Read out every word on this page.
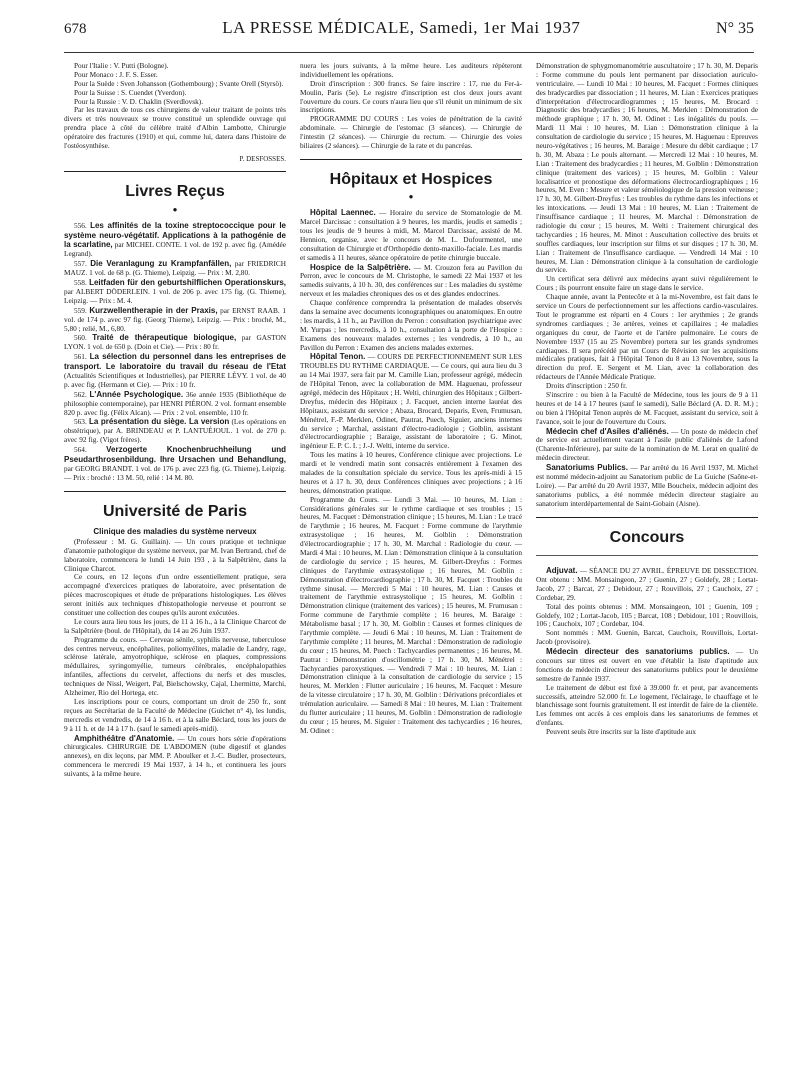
678	LA PRESSE MÉDICALE, Samedi, 1er Mai 1937	N° 35

Pour l'Italie : V. Putti (Bologne).

Pour Monaco : J. F. S. Esser.

Pour la Suède : Sven Johansson (Gothembourg) ; Svante Orell (Styrsö).

Pour la Suisse : S. Cuendet (Yverdon).

Pour la Russie : V. D. Chaklin (Sverdlovsk).

Par les travaux de tous ces chirurgiens de valeur traitant de points très divers et très nouveaux se trouve constitué un splendide ouvrage qui prendra place à côté du célèbre traité d'Albin Lambotte, Chirurgie opératoire des fractures (1910) et qui, comme lui, datera dans l'histoire de l'ostéosynthèse.

P. DESFOSSES.
Livres Reçus
●

556. Les affinités de la toxine streptococcique pour le système neuro-végétatif. Applications à la pathogénie de la scarlatine, par MICHEL CONTE. 1 vol. de 192 p. avec fig. (Amédée Legrand).

557. Die Veranlagung zu Krampfanfällen, par FRIEDRICH MAUZ. 1 vol. de 68 p. (G. Thieme), Leipzig. — Prix : M. 2,80.

558. Leitfaden für den geburtshilflichen Operationskurs, par ALBERT DÖDERLEIN. 1 vol. de 206 p. avec 175 fig. (G. Thieme), Leipzig. — Prix : M. 4.

559. Kurzwellentherapie in der Praxis, par ERNST RAAB. 1 vol. de 174 p. avec 97 fig. (Georg Thieme), Leipzig. — Prix : broché, M., 5,80 ; relié, M., 6,80.

560. Traité de thérapeutique biologique, par GASTON LYON. 1 vol. de 650 p. (Doin et Cie). — Prix : 80 fr.

561. La sélection du personnel dans les entreprises de transport. Le laboratoire du travail du réseau de l'Etat (Actualités Scientifiques et Industrielles), par PIERRE LÉVY. 1 vol. de 40 p. avec fig. (Hermann et Cie). — Prix : 10 fr.

562. L'Année Psychologique. 36e année 1935 (Bibliothèque de philosophie contemporaine), par HENRI PIÉRON. 2 vol. formant ensemble 820 p. avec fig. (Félix Alcan). — Prix : 2 vol. ensemble, 110 fr.

563. La présentation du siège. La version (Les opérations en obstétrique), par A. BRINDEAU et P. LANTUÉJOUL. 1 vol. de 270 p. avec 92 fig. (Vigot frères).

564. Verzogerte Knochenbruchheilung und Pseudarthrosenbildung. Ihre Ursachen und Behandlung, par GEORG BRANDT. 1 vol. de 176 p. avec 223 fig. (G. Thieme), Leipzig. — Prix : broché : 13 M. 50, relié : 14 M. 80.

Université de Paris
Clinique des maladies du système nerveux

(Professeur : M. G. Guillain). — Un cours pratique et technique d'anatomie pathologique du système nerveux, par M. Ivan Bertrand, chef de laboratoire, commencera le lundi 14 Juin 193 , à la Salpêtrière, dans la Clinique Charcot.

Ce cours, en 12 leçons d'un ordre essentiellement pratique, sera accompagné d'exercices pratiques de laboratoire, avec présentation de pièces macroscopiques et étude de préparations histologiques. Les élèves seront initiés aux techniques d'histopathologie nerveuse et pourront se constituer une collection des coupes qu'ils auront exécutées.

Le cours aura lieu tous les jours, de 11 à 16 h., à la Clinique Charcot de la Salpêtrière (boul. de l'Hôpital), du 14 au 26 Juin 1937.

Programme du cours. — Cerveau sénile, syphilis nerveuse, tuberculose des centres nerveux, encéphalites, poliomyélites, maladie de Landry, rage, sclérose latérale, amyotrophique, sclérose en plaques, compressions médullaires, syringomyélie, tumeurs cérébrales, encéphalopathies infantiles, affections du cervelet, affections du nerfs et des muscles, techniques de Nissl, Weigert, Pal, Bielschowsky, Cajal, Lhermitte, Marchi, Alzheimer, Rio del Hortega, etc.

Les inscriptions pour ce cours, comportant un droit de 250 fr., sont reçues au Secrétariat de la Faculté de Médecine (Guichet n° 4), les lundis, mercredis et vendredis, de 14 à 16 h. et à la salle Béclard, tous les jours de 9 à 11 h. et de 14 à 17 h. (sauf le samedi après-midi).

Amphithéâtre d'Anatomie. — Un cours hors série d'opérations chirurgicales. CHIRURGIE DE L'ABDOMEN (tube digestif et glandes annexes), en dix leçons, par MM. P. Aboulker et J.-C. Budler, prosecteurs, commencera le mercredi 19 Mai 1937, à 14 h., et continuera les jours suivants, à la même heure.

nuera les jours suivants, à la même heure. Les auditeurs répèteront individuellement les opérations.

Droit d'inscription : 300 francs. Se faire inscrire : 17, rue du Fer-à-Moulin, Paris (5e). Le registre d'inscription est clos deux jours avant l'ouverture du cours. Ce cours n'aura lieu que s'il réunit un minimum de six inscriptions.

PROGRAMME DU COURS : Les voies de pénétration de la cavité abdominale. — Chirurgie de l'estomac (3 séances). — Chirurgie de l'intestin (2 séances). — Chirurgie du rectum. — Chirurgie des voies biliaires (2 séances). — Chirurgie de la rate et du pancréas.

Hôpitaux et Hospices
●

Hôpital Laennec. — Horaire du service de Stomatologie de M. Marcel Darcissac : consultation à 9 heures, les mardis, jeudis et samedis ; tous les jeudis de 9 heures à midi, M. Marcel Darcissac, assisté de M. Hennion, organise, avec le concours de M. L. Dufourmentel, une consultation de Chirurgie et d'Orthopédie dento-maxillo-faciale. Les mardis et samedis à 11 heures, séance opératoire de petite chirurgie buccale.

Hospice de la Salpêtrière. — M. Crouzon fera au Pavillon du Perron, avec le concours de M. Christophe, le samedi 22 Mai 1937 et les samedis suivants, à 10 h. 30, des conférences sur : Les maladies du système nerveux et les maladies chroniques des os et des glandes endocrines.

Chaque conférence comprendra la présentation de malades observés dans la semaine avec documents iconographiques ou anatomiques. En outre : les mardis, à 11 h., au Pavillon du Perron : consultation psychiatrique avec M. Yurpas ; les mercredis, à 10 h., consultation à la porte de l'Hospice : Examens des nouveaux malades externes ; les vendredis, à 10 h., au Pavillon du Perron : Examen des anciens malades externes.

Hôpital Tenon. — COURS DE PERFECTIONNEMENT SUR LES TROUBLES DU RYTHME CARDIAQUE. — Ce cours, qui aura lieu du 3 au 14 Mai 1937, sera fait par M. Camille Lian, professeur agrégé, médecin de l'Hôpital Tenon, avec la collaboration de MM. Haguenau, professeur agrégé, médecin des Hôpitaux ; H. Welti, chirurgien des Hôpitaux ; Gilbert-Dreyfus, médecin des Hôpitaux ; J. Facquet, ancien interne lauréat des Hôpitaux, assistant du service ; Abaza, Brocard, Deparis, Even, Frumusan, Ménétrel, F.-P. Merklen, Odinet, Pautrat, Puech, Siguier, anciens internes du service ; Marchal, assistant d'électro-radiologie ; Golblin, assistant d'électrocardiographie ; Baraige, assistant de laboratoire ; G. Minot, ingénieur E. P. C. I. ; J.-J. Welti, interne du service.

Tous les matins à 10 heures, Conférence clinique avec projections. Le mardi et le vendredi matin sont consacrés entièrement à l'examen des malades de la consultation spéciale du service. Tous les après-midi à 15 heures et à 17 h. 30, deux Conférences cliniques avec projections ; à 16 heures, démonstration pratique.

Programme du Cours. — Lundi 3 Mai. — 10 heures, M. Lian : Considérations générales sur le rythme cardiaque et ses troubles ; 15 heures, M. Facquet : Démonstration clinique ; 15 heures, M. Lian : Le tracé de l'arythmie ; 16 heures, M. Facquet : Forme commune de l'arythmie extrasystolique ; 16 heures, M. Golblin : Démonstration d'électrocardiographie ; 17 h. 30, M. Marchal : Radiologie du cœur. — Mardi 4 Mai : 10 heures, M. Lian : Démonstration clinique à la consultation de cardiologie du service ; 15 heures, M. Gilbert-Dreyfus : Formes cliniques de l'arythmie extrasystolique ; 16 heures, M. Golblin : Démonstration d'électrocardiographie ; 17 h. 30, M. Facquet : Troubles du rythme sinusal. — Mercredi 5 Mai : 10 heures, M. Lian : Causes et traitement de l'arythmie extrasystolique ; 15 heures, M. Golblin : Démonstration clinique (traitement des varices) ; 15 heures, M. Frumusan : Forme commune de l'arythmie complète ; 16 heures, M. Baraige : Métabolisme basal ; 17 h. 30, M. Golblin : Causes et formes cliniques de l'arythmie complète. — Jeudi 6 Mai : 10 heures, M. Lian : Traitement de l'arythmie complète ; 11 heures, M. Marchal : Démonstration de radiologie du cœur ; 15 heures, M. Puech : Tachycardies permanentes ; 16 heures, M. Pautrat : Démonstration d'oscillométrie ; 17 h. 30, M. Ménétrel : Tachycardies paroxystiques. — Vendredi 7 Mai : 10 heures, M. Lian : Démonstration clinique à la consultation de cardiologie du service ; 15 heures, M. Merklen : Flutter auriculaire ; 16 heures, M. Facquet : Mesure de la vitesse circulatoire ; 17 h. 30, M. Golblin : Dérivations précordiales et trémulation auriculaire. — Samedi 8 Mai : 10 heures, M. Lian : Traitement du flutter auriculaire ; 11 heures, M. Golblin : Démonstration de radiologie du cœur ; 15 heures, M. Siguier : Traitement des tachycardies ; 16 heures, M. Odinet :

Démonstration de sphygmomanométrie auscultatoire ; 17 h. 30, M. Deparis : Forme commune du pouls lent permanent par dissociation auriculo-ventriculaire. — Lundi 10 Mai : 10 heures, M. Facquet : Formes cliniques des bradycardies par dissociation ; 11 heures, M. Lian : Exercices pratiques d'interprétation d'électrocardiogrammes ; 15 heures, M. Brocard : Diagnostic des bradycardies ; 16 heures, M. Merklen : Démonstration de méthode graphique ; 17 h. 30, M. Odinet : Les inégalités du pouls. — Mardi 11 Mai : 10 heures, M. Lian : Démonstration clinique à la consultation de cardiologie du service ; 15 heures, M. Haguenau : Epreuves neuro-végétatives ; 16 heures, M. Baraige : Mesure du débit cardiaque ; 17 h. 30, M. Abaza : Le pouls alternant. — Mercredi 12 Mai : 10 heures, M. Lian : Traitement des bradycardies ; 11 heures, M. Golblin : Démonstration clinique (traitement des varices) ; 15 heures, M. Golblin : Valeur localisatrice et pronostique des déformations électrocardiographiques ; 16 heures, M. Even : Mesure et valeur séméiologique de la pression veineuse ; 17 h. 30, M. Gilbert-Dreyfus : Les troubles du rythme dans les infections et les intoxications. — Jeudi 13 Mai : 10 heures, M. Lian : Traitement de l'insuffisance cardiaque ; 11 heures, M. Marchal : Démonstration de radiologie du cœur ; 15 heures, M. Welti : Traitement chirurgical des tachycardies ; 16 heures, M. Minot : Auscultation collective des bruits et souffles cardiaques, leur inscription sur films et sur disques ; 17 h. 30, M. Lian : Traitement de l'insuffisance cardiaque. — Vendredi 14 Mai : 10 heures, M. Lian : Démonstration clinique à la consultation de cardiologie du service.

Un certificat sera délivré aux médecins ayant suivi régulièrement le Cours ; ils pourront ensuite faire un stage dans le service.

Chaque année, avant la Pentecôte et à la mi-Novembre, est fait dans le service un Cours de perfectionnement sur les affections cardio-vasculaires. Tout le programme est réparti en 4 Cours : 1er arythmies ; 2e grands syndromes cardiaques ; 3e artères, veines et capillaires ; 4e maladies organiques du cœur, de l'aorte et de l'artère pulmonaire. Le cours de Novembre 1937 (15 au 25 Novembre) portera sur les grands syndromes cardiaques. Il sera précédé par un Cours de Révision sur les acquisitions médicales pratiques, fait à l'Hôpital Tenon du 8 au 13 Novembre, sous la direction du prof. E. Sergent et M. Lian, avec la collaboration des rédacteurs de l'Année Médicale Pratique.

Droits d'inscription : 250 fr.

S'inscrire : ou bien à la Faculté de Médecine, tous les jours de 9 à 11 heures et de 14 à 17 heures (sauf le samedi), Salle Béclard (A. D. R. M.) ; ou bien à l'Hôpital Tenon auprès de M. Facquet, assistant du service, soit à l'avance, soit le jour de l'ouverture du Cours.

Médecin chef d'Asiles d'aliénés. — Un poste de médecin chef de service est actuellement vacant à l'asile public d'aliénés de Lafond (Charente-Inférieure), par suite de la nomination de M. Lerat en qualité de médecin directeur.

Sanatoriums Publics. — Par arrêté du 16 Avril 1937, M. Michel est nommé médecin-adjoint au Sanatorium public de La Guiche (Saône-et-Loire). — Par arrêté du 20 Avril 1937, Mlle Boucheix, médecin adjoint des sanatoriums publics, a été nommée médecin directeur stagiaire au sanatorium interdépartemental de Saint-Gobain (Aisne).

Concours

Adjuvat. — SÉANCE DU 27 AVRIL. ÉPREUVE DE DISSECTION. Ont obtenu : MM. Monsaingeon, 27 ; Guenin, 27 ; Goldefy, 28 ; Lortat-Jacob, 27 ; Barcat, 27 ; Debidour, 27 ; Rouvillois, 27 ; Cauchoix, 27 ; Cordebar, 29.

Total des points obtenus : MM. Monsaingeon, 101 ; Guenin, 109 ; Goldefy, 102 ; Lortat-Jacob, 105 ; Barcat, 108 ; Debidour, 101 ; Rouvillois, 106 ; Cauchoix, 107 ; Cordebar, 104.

Sont nommés : MM. Guenin, Barcat, Cauchoix, Rouvillois, Lortat-Jacob (provisoire).

Médecin directeur des sanatoriums publics. — Un concours sur titres est ouvert en vue d'établir la liste d'aptitude aux fonctions de médecin directeur des sanatoriums publics pour le deuxième semestre de l'année 1937.

Le traitement de début est fixé à 39.000 fr. et peut, par avancements successifs, atteindre 52.000 fr. Le logement, l'éclairage, le chauffage et le blanchissage sont fournis gratuitement. Il est interdit de faire de la clientèle. Les femmes ont accès à ces emplois dans les sanatoriums de femmes et d'enfants.

Peuvent seuls être inscrits sur la liste d'aptitude aux
